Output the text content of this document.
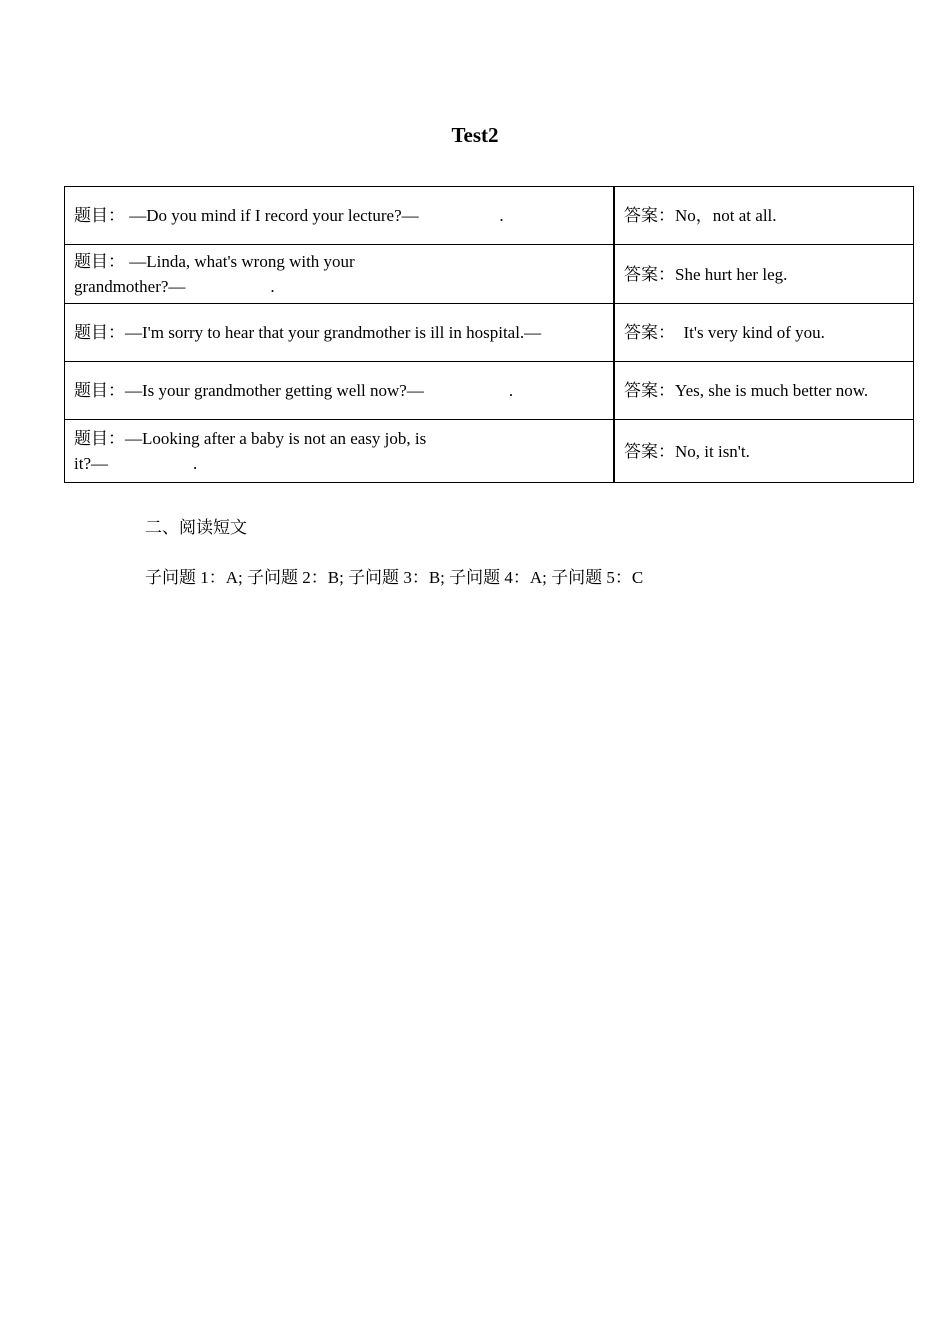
Test2
题目： —Do you mind if I record your lecture?—                   .	答案：No，not at all.
题目： —Linda, what's wrong with your
grandmother?—                    .	答案：She hurt her leg.
题目：—I'm sorry to hear that your grandmother is ill in hospital.—	答案：  It's very kind of you.
题目：—Is your grandmother getting well now?—                    .	答案：Yes, she is much better now.
题目：—Looking after a baby is not an easy job, is
it?—                    .	答案：No, it isn't.
二、阅读短文
子问题 1：A; 子问题 2：B; 子问题 3：B; 子问题 4：A; 子问题 5：C
